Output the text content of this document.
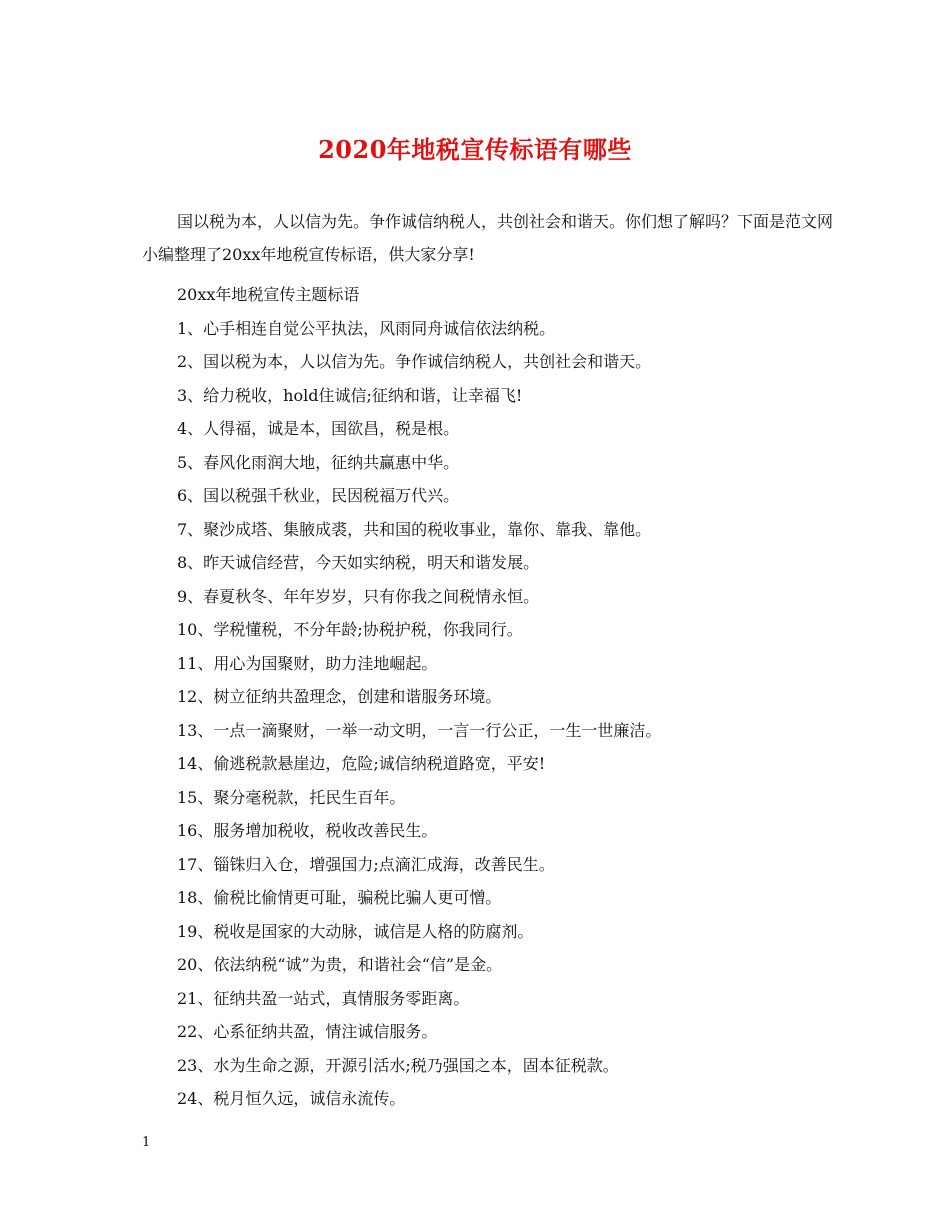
2020年地税宣传标语有哪些

国以税为本，人以信为先。争作诚信纳税人，共创社会和谐天。你们想了解吗？下面是范文网小编整理了20xx年地税宣传标语，供大家分享!

20xx年地税宣传主题标语
1、心手相连自觉公平执法，风雨同舟诚信依法纳税。
2、国以税为本，人以信为先。争作诚信纳税人，共创社会和谐天。
3、给力税收，hold住诚信;征纳和谐，让幸福飞!
4、人得福，诚是本，国欲昌，税是根。
5、春风化雨润大地，征纳共赢惠中华。
6、国以税强千秋业，民因税福万代兴。
7、聚沙成塔、集腋成裘，共和国的税收事业，靠你、靠我、靠他。
8、昨天诚信经营，今天如实纳税，明天和谐发展。
9、春夏秋冬、年年岁岁，只有你我之间税情永恒。
10、学税懂税，不分年龄;协税护税，你我同行。
11、用心为国聚财，助力洼地崛起。
12、树立征纳共盈理念，创建和谐服务环境。
13、一点一滴聚财，一举一动文明，一言一行公正，一生一世廉洁。
14、偷逃税款悬崖边，危险;诚信纳税道路宽，平安!
15、聚分毫税款，托民生百年。
16、服务增加税收，税收改善民生。
17、锱铢归入仓，增强国力;点滴汇成海，改善民生。
18、偷税比偷情更可耻，骗税比骗人更可憎。
19、税收是国家的大动脉，诚信是人格的防腐剂。
20、依法纳税“诚”为贵，和谐社会“信”是金。
21、征纳共盈一站式，真情服务零距离。
22、心系征纳共盈，情注诚信服务。
23、水为生命之源，开源引活水;税乃强国之本，固本征税款。
24、税月恒久远，诚信永流传。
1
